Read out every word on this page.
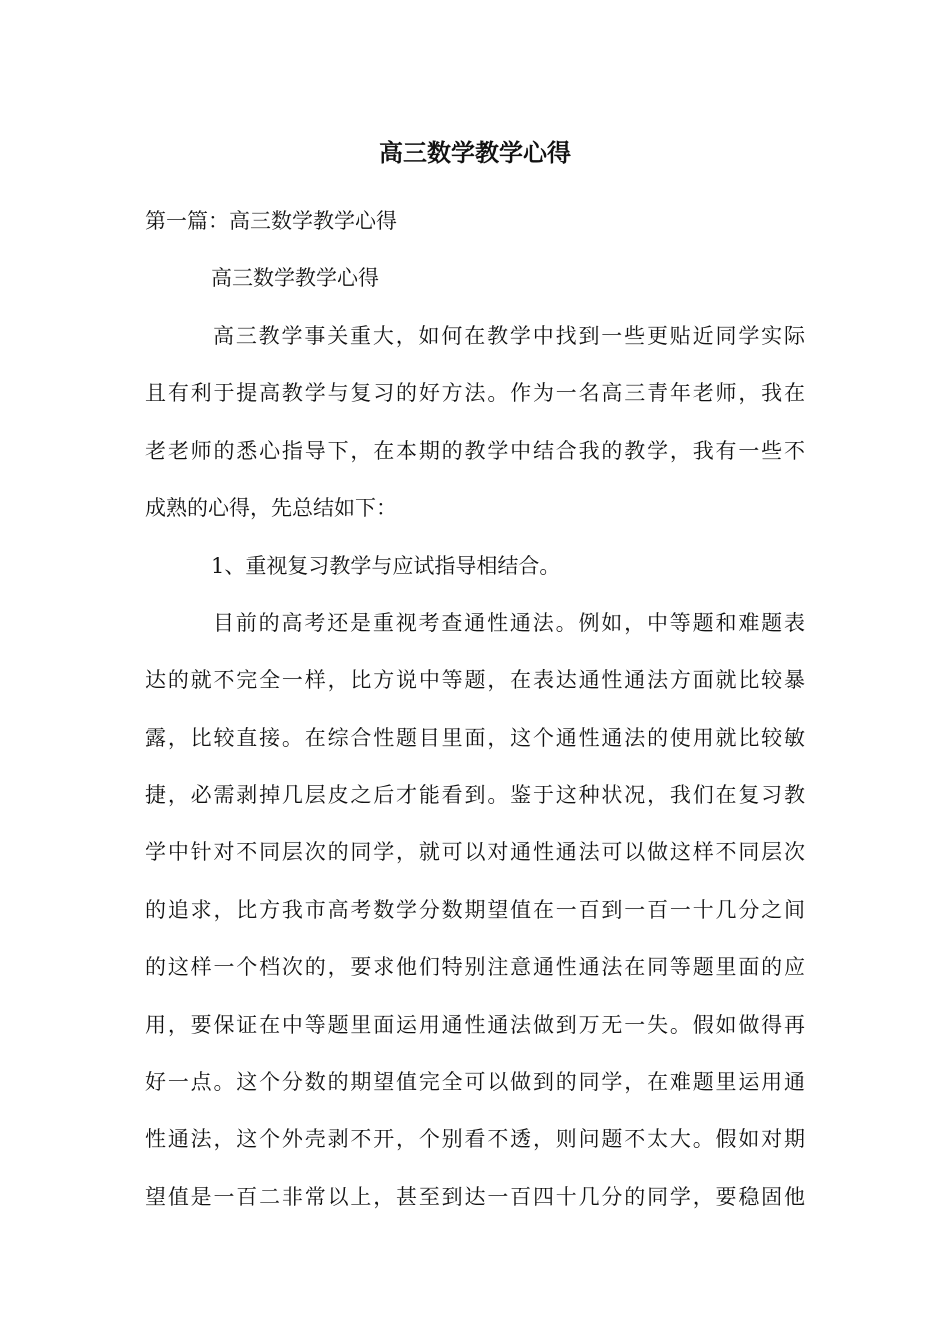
高三数学教学心得
第一篇：高三数学教学心得
高三数学教学心得
高三教学事关重大，如何在教学中找到一些更贴近同学实际
且有利于提高教学与复习的好方法。作为一名高三青年老师，我在
老老师的悉心指导下，在本期的教学中结合我的教学，我有一些不
成熟的心得，先总结如下：
1、重视复习教学与应试指导相结合。
目前的高考还是重视考查通性通法。例如，中等题和难题表
达的就不完全一样，比方说中等题，在表达通性通法方面就比较暴
露，比较直接。在综合性题目里面，这个通性通法的使用就比较敏
捷，必需剥掉几层皮之后才能看到。鉴于这种状况，我们在复习教
学中针对不同层次的同学，就可以对通性通法可以做这样不同层次
的追求，比方我市高考数学分数期望值在一百到一百一十几分之间
的这样一个档次的，要求他们特别注意通性通法在同等题里面的应
用，要保证在中等题里面运用通性通法做到万无一失。假如做得再
好一点。这个分数的期望值完全可以做到的同学，在难题里运用通
性通法，这个外壳剥不开，个别看不透，则问题不太大。假如对期
望值是一百二非常以上，甚至到达一百四十几分的同学，要稳固他
